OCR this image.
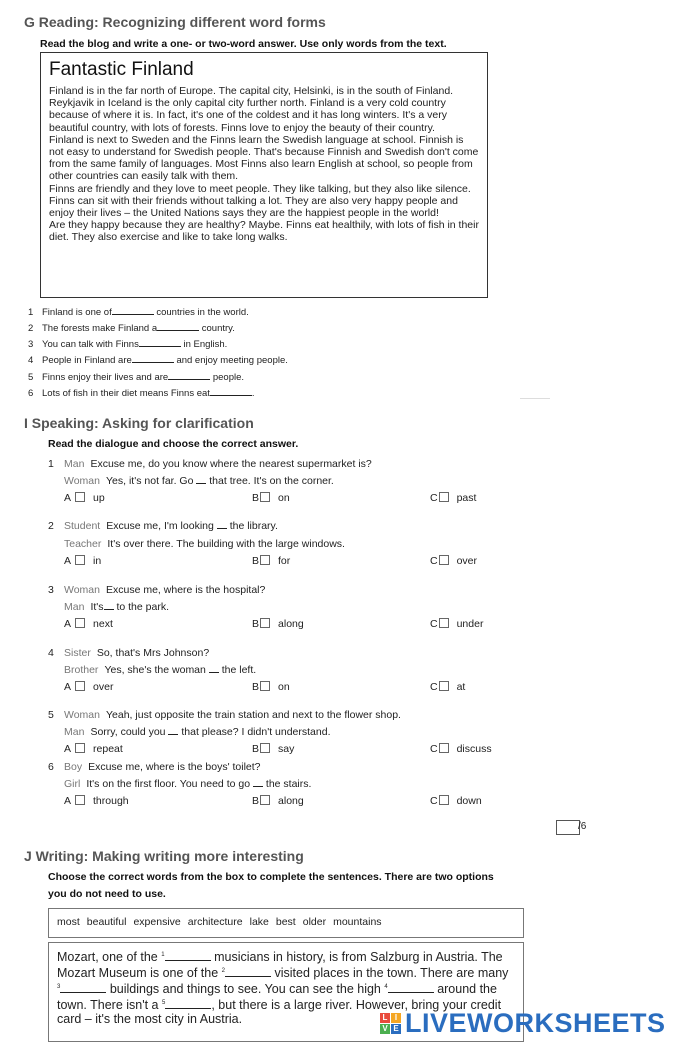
G Reading: Recognizing different word forms
Read the blog and write a one- or two-word answer. Use only words from the text.
Fantastic Finland
Finland is in the far north of Europe. The capital city, Helsinki, is in the south of Finland. Reykjavik in Iceland is the only capital city further north. Finland is a very cold country because of where it is. In fact, it's one of the coldest and it has long winters. It's a very beautiful country, with lots of forests. Finns love to enjoy the beauty of their country.
Finland is next to Sweden and the Finns learn the Swedish language at school. Finnish is not easy to understand for Swedish people. That's because Finnish and Swedish don't come from the same family of languages. Most Finns also learn English at school, so people from other countries can easily talk with them.
Finns are friendly and they love to meet people. They like talking, but they also like silence. Finns can sit with their friends without talking a lot. They are also very happy people and enjoy their lives – the United Nations says they are the happiest people in the world!
Are they happy because they are healthy? Maybe. Finns eat healthily, with lots of fish in their diet. They also exercise and like to take long walks.
1 Finland is one of	countries in the world.
2 The forests make Finland a	country.
3 You can talk with Finns	in English.
4 People in Finland are	and enjoy meeting people.
5 Finns enjoy their lives and are	people.
6 Lots of fish in their diet means Finns eat	.
I Speaking: Asking for clarification
Read the dialogue and choose the correct answer.
1 Man Excuse me, do you know where the nearest supermarket is?
Woman Yes, it's not far. Go that tree. It's on the corner.
A up	B on	C past
2 Student Excuse me, I'm looking the library.
Teacher It's over there. The building with the large windows.
A in	B for	C over
3 Woman Excuse me, where is the hospital?
Man It's to the park.
A next	B along	C under
4 Sister So, that's Mrs Johnson?
Brother Yes, she's the woman the left.
A over	B on	C at
5 Woman Yeah, just opposite the train station and next to the flower shop.
Man Sorry, could you that please? I didn't understand.
A repeat	B say	C discuss
6 Boy Excuse me, where is the boys' toilet?
Girl It's on the first floor. You need to go the stairs.
A through	B along	C down
/6
J Writing: Making writing more interesting
Choose the correct words from the box to complete the sentences. There are two options
you do not need to use.
most beautiful expensive architecture lake best older mountains
Mozart, one of the $^1$	musicians in history, is from Salzburg in Austria. The Mozart Museum is one of the $^2$	visited places in the town. There are many $^3$	buildings and things to see. You can see the high $^4$	around the town. There isn't a $^5$	, but there is a large river. However, bring your credit card – it's the most city in Austria.	L I
V E LIVEWORKSHEETS
